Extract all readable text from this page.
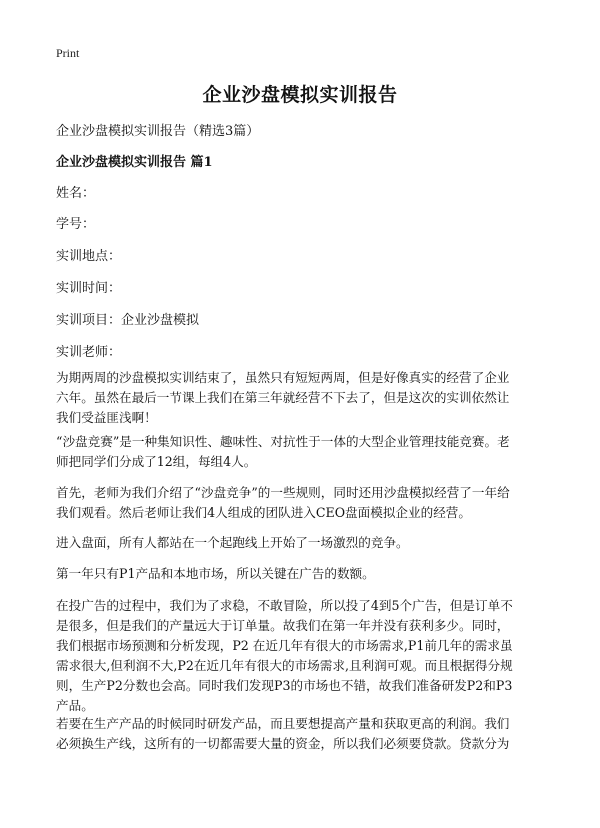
Print
企业沙盘模拟实训报告
企业沙盘模拟实训报告（精选3篇）
企业沙盘模拟实训报告 篇1
姓名：
学号：
实训地点：
实训时间：
实训项目：企业沙盘模拟
实训老师：
为期两周的沙盘模拟实训结束了，虽然只有短短两周，但是好像真实的经营了企业
六年。虽然在最后一节课上我们在第三年就经营不下去了，但是这次的实训依然让
我们受益匪浅啊！
“沙盘竞赛”是一种集知识性、趣味性、对抗性于一体的大型企业管理技能竞赛。老
师把同学们分成了12组，每组4人。
首先，老师为我们介绍了“沙盘竞争”的一些规则，同时还用沙盘模拟经营了一年给
我们观看。然后老师让我们4人组成的团队进入CEO盘面模拟企业的经营。
进入盘面，所有人都站在一个起跑线上开始了一场激烈的竞争。
第一年只有P1产品和本地市场，所以关键在广告的数额。
在投广告的过程中，我们为了求稳，不敢冒险，所以投了4到5个广告，但是订单不
是很多，但是我们的产量远大于订单量。故我们在第一年并没有获利多少。同时，
我们根据市场预测和分析发现，P2 在近几年有很大的市场需求,P1前几年的需求虽
需求很大,但利润不大,P2在近几年有很大的市场需求,且利润可观。而且根据得分规
则，生产P2分数也会高。同时我们发现P3的市场也不错，故我们准备研发P2和P3
产品。
若要在生产产品的时候同时研发产品，而且要想提高产量和获取更高的利润。我们
必须换生产线，这所有的一切都需要大量的资金，所以我们必须要贷款。贷款分为
